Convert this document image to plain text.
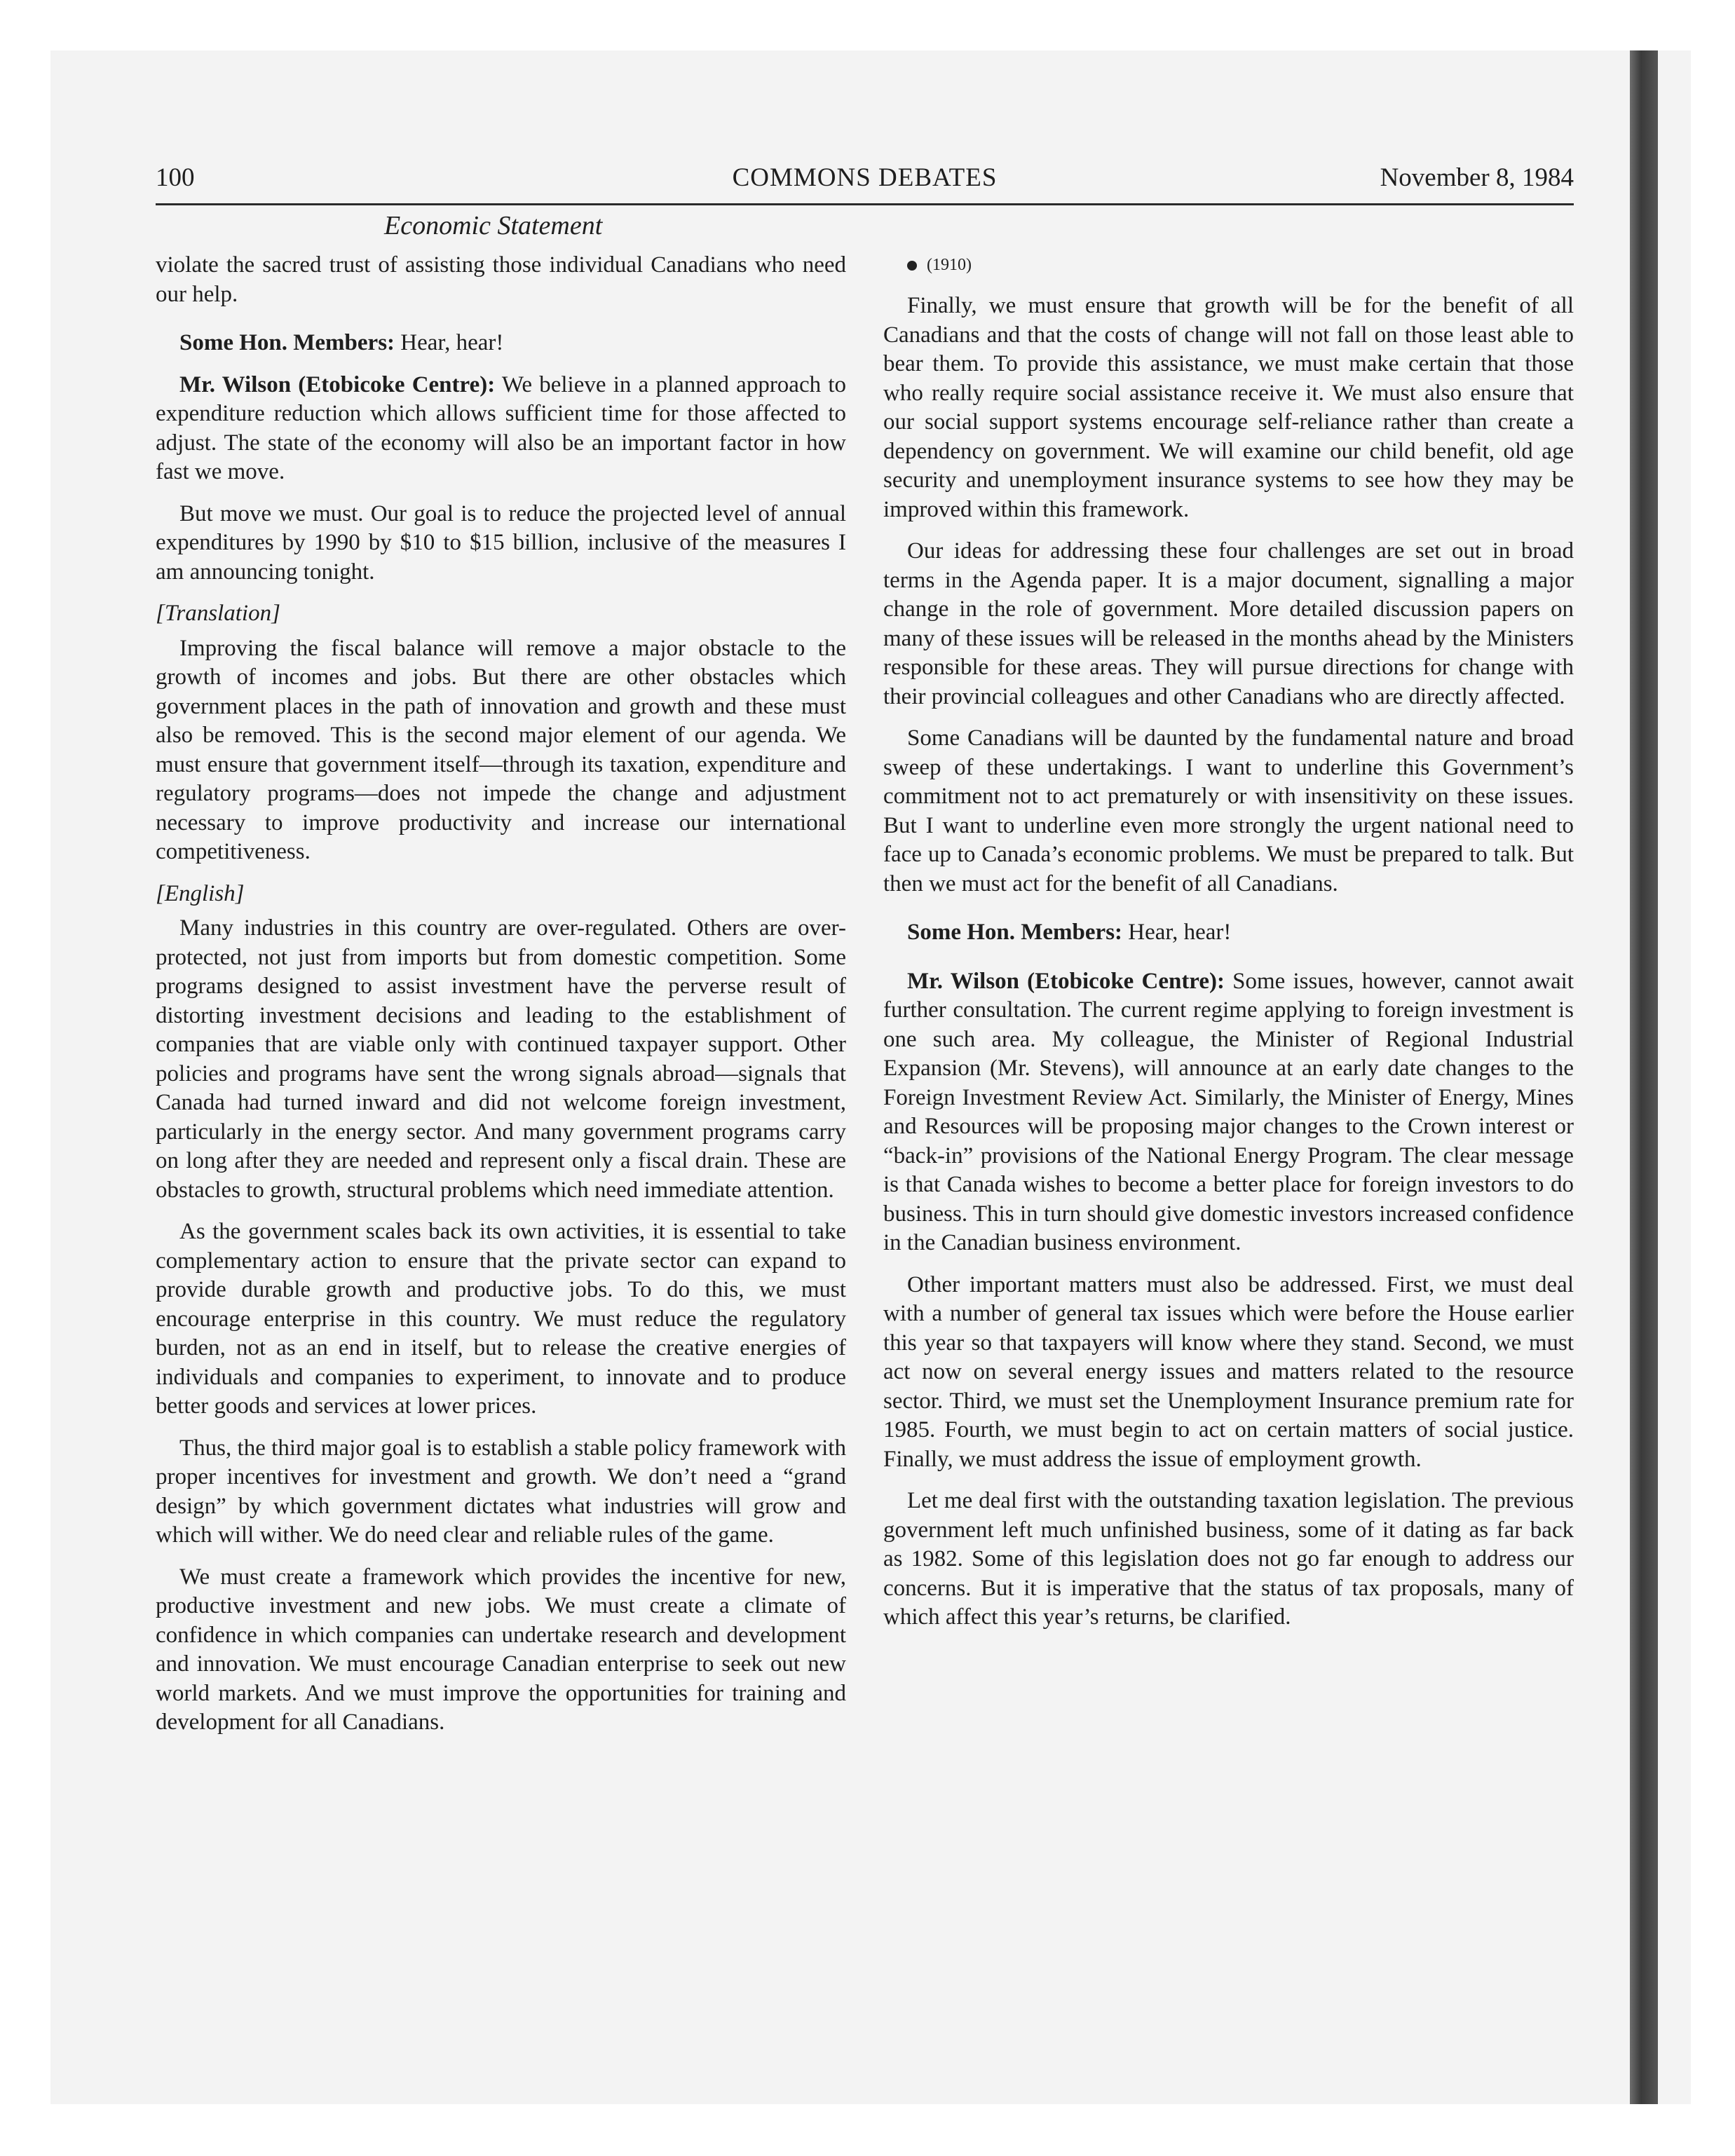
100	COMMONS DEBATES	November 8, 1984
Economic Statement

violate the sacred trust of assisting those individual Canadians who need our help.

Some Hon. Members: Hear, hear!

Mr. Wilson (Etobicoke Centre): We believe in a planned approach to expenditure reduction which allows sufficient time for those affected to adjust. The state of the economy will also be an important factor in how fast we move.

But move we must. Our goal is to reduce the projected level of annual expenditures by 1990 by $10 to $15 billion, inclusive of the measures I am announcing tonight.

[Translation]

Improving the fiscal balance will remove a major obstacle to the growth of incomes and jobs. But there are other obstacles which government places in the path of innovation and growth and these must also be removed. This is the second major element of our agenda. We must ensure that government itself—through its taxation, expenditure and regulatory programs—does not impede the change and adjustment necessary to improve productivity and increase our international competitiveness.

[English]

Many industries in this country are over-regulated. Others are over-protected, not just from imports but from domestic competition. Some programs designed to assist investment have the perverse result of distorting investment decisions and leading to the establishment of companies that are viable only with continued taxpayer support. Other policies and programs have sent the wrong signals abroad—signals that Canada had turned inward and did not welcome foreign investment, particularly in the energy sector. And many government programs carry on long after they are needed and represent only a fiscal drain. These are obstacles to growth, structural problems which need immediate attention.

As the government scales back its own activities, it is essential to take complementary action to ensure that the private sector can expand to provide durable growth and productive jobs. To do this, we must encourage enterprise in this country. We must reduce the regulatory burden, not as an end in itself, but to release the creative energies of individuals and companies to experiment, to innovate and to produce better goods and services at lower prices.

Thus, the third major goal is to establish a stable policy framework with proper incentives for investment and growth. We don’t need a “grand design” by which government dictates what industries will grow and which will wither. We do need clear and reliable rules of the game.

We must create a framework which provides the incentive for new, productive investment and new jobs. We must create a climate of confidence in which companies can undertake research and development and innovation. We must encourage Canadian enterprise to seek out new world markets. And we must improve the opportunities for training and development for all Canadians.

(1910)

Finally, we must ensure that growth will be for the benefit of all Canadians and that the costs of change will not fall on those least able to bear them. To provide this assistance, we must make certain that those who really require social assistance receive it. We must also ensure that our social support systems encourage self-reliance rather than create a dependency on government. We will examine our child benefit, old age security and unemployment insurance systems to see how they may be improved within this framework.

Our ideas for addressing these four challenges are set out in broad terms in the Agenda paper. It is a major document, signalling a major change in the role of government. More detailed discussion papers on many of these issues will be released in the months ahead by the Ministers responsible for these areas. They will pursue directions for change with their provincial colleagues and other Canadians who are directly affected.

Some Canadians will be daunted by the fundamental nature and broad sweep of these undertakings. I want to underline this Government’s commitment not to act prematurely or with insensitivity on these issues. But I want to underline even more strongly the urgent national need to face up to Canada’s economic problems. We must be prepared to talk. But then we must act for the benefit of all Canadians.

Some Hon. Members: Hear, hear!

Mr. Wilson (Etobicoke Centre): Some issues, however, cannot await further consultation. The current regime applying to foreign investment is one such area. My colleague, the Minister of Regional Industrial Expansion (Mr. Stevens), will announce at an early date changes to the Foreign Investment Review Act. Similarly, the Minister of Energy, Mines and Resources will be proposing major changes to the Crown interest or “back-in” provisions of the National Energy Program. The clear message is that Canada wishes to become a better place for foreign investors to do business. This in turn should give domestic investors increased confidence in the Canadian business environment.

Other important matters must also be addressed. First, we must deal with a number of general tax issues which were before the House earlier this year so that taxpayers will know where they stand. Second, we must act now on several energy issues and matters related to the resource sector. Third, we must set the Unemployment Insurance premium rate for 1985. Fourth, we must begin to act on certain matters of social justice. Finally, we must address the issue of employment growth.

Let me deal first with the outstanding taxation legislation. The previous government left much unfinished business, some of it dating as far back as 1982. Some of this legislation does not go far enough to address our concerns. But it is imperative that the status of tax proposals, many of which affect this year’s returns, be clarified.
